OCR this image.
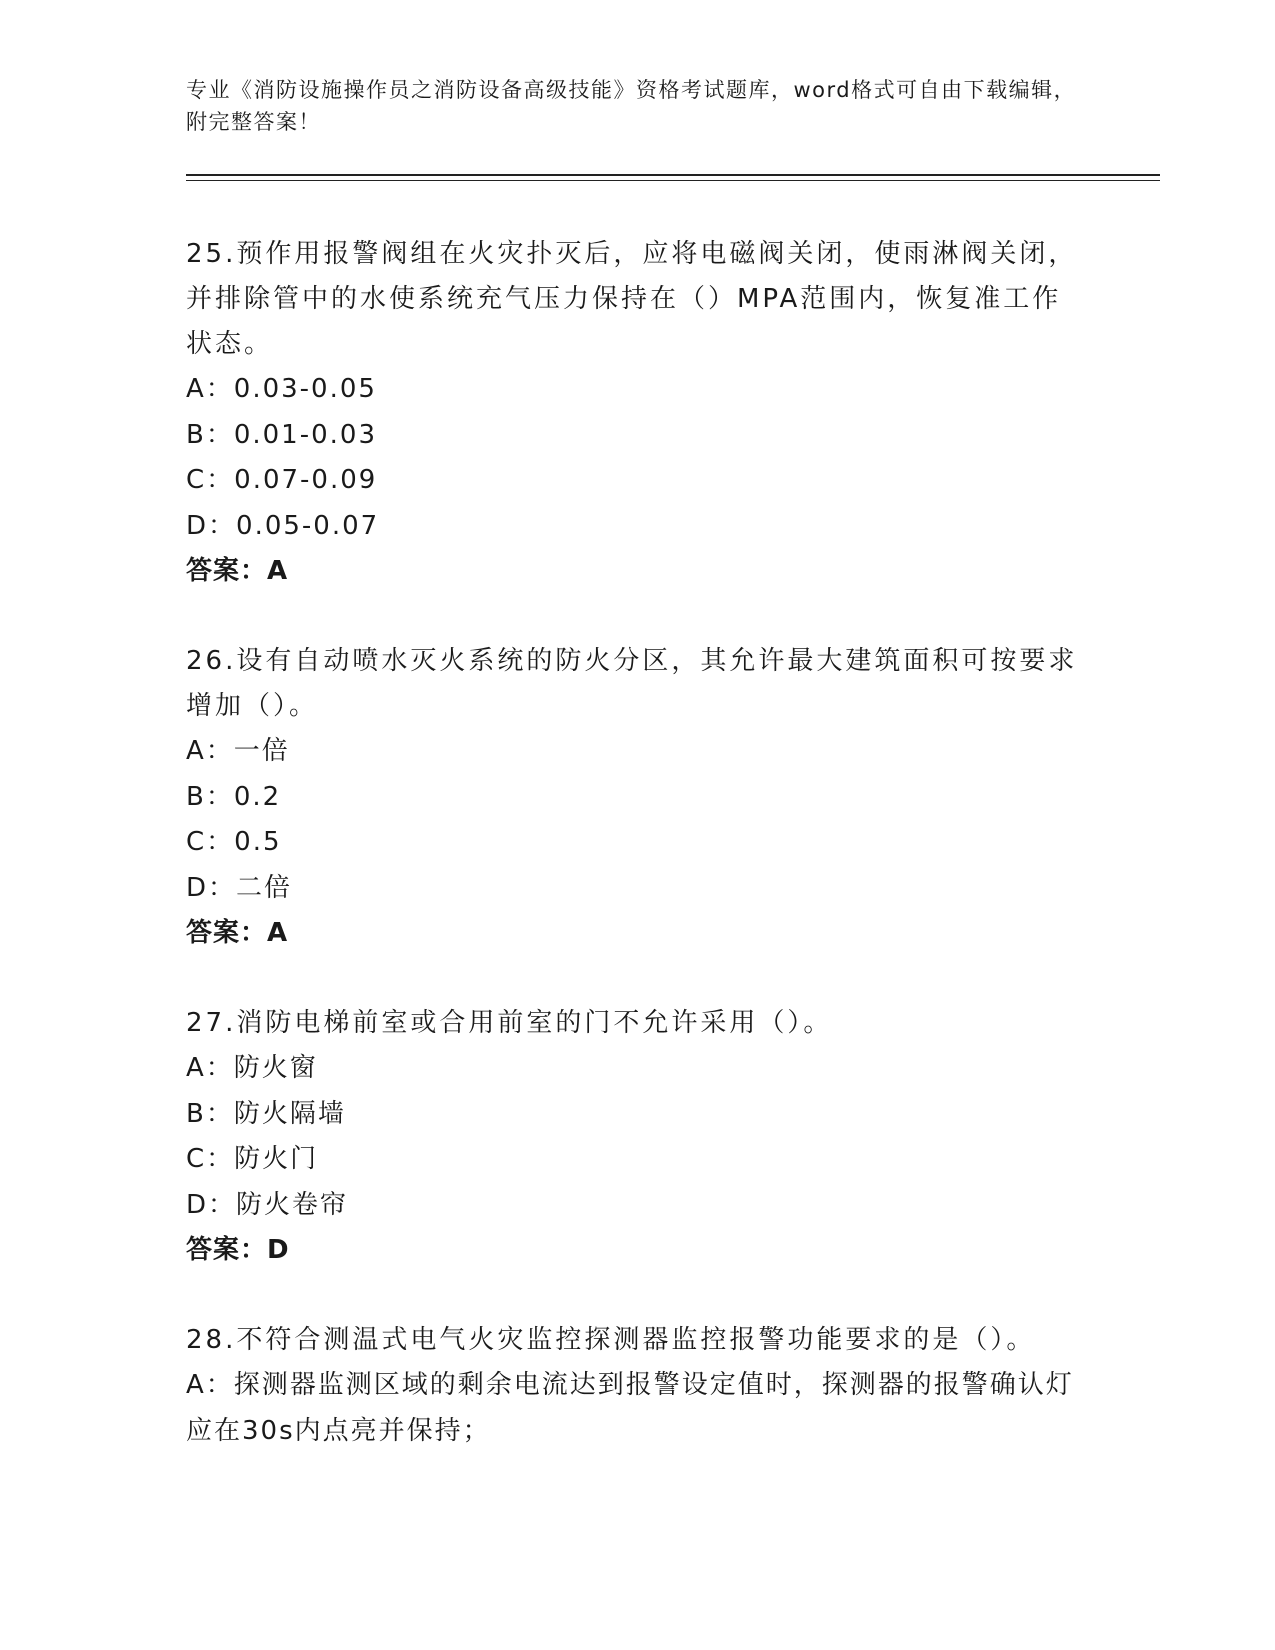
专业《消防设施操作员之消防设备高级技能》资格考试题库，word格式可自由下载编辑，附完整答案！
25.预作用报警阀组在火灾扑灭后，应将电磁阀关闭，使雨淋阀关闭，并排除管中的水使系统充气压力保持在（）MPA范围内，恢复准工作状态。
A：0.03-0.05
B：0.01-0.03
C：0.07-0.09
D：0.05-0.07
答案：A
26.设有自动喷水灭火系统的防火分区，其允许最大建筑面积可按要求增加（）。
A：一倍
B：0.2
C：0.5
D：二倍
答案：A
27.消防电梯前室或合用前室的门不允许采用（）。
A：防火窗
B：防火隔墙
C：防火门
D：防火卷帘
答案：D
28.不符合测温式电气火灾监控探测器监控报警功能要求的是（）。
A：探测器监测区域的剩余电流达到报警设定值时，探测器的报警确认灯应在30s内点亮并保持；
